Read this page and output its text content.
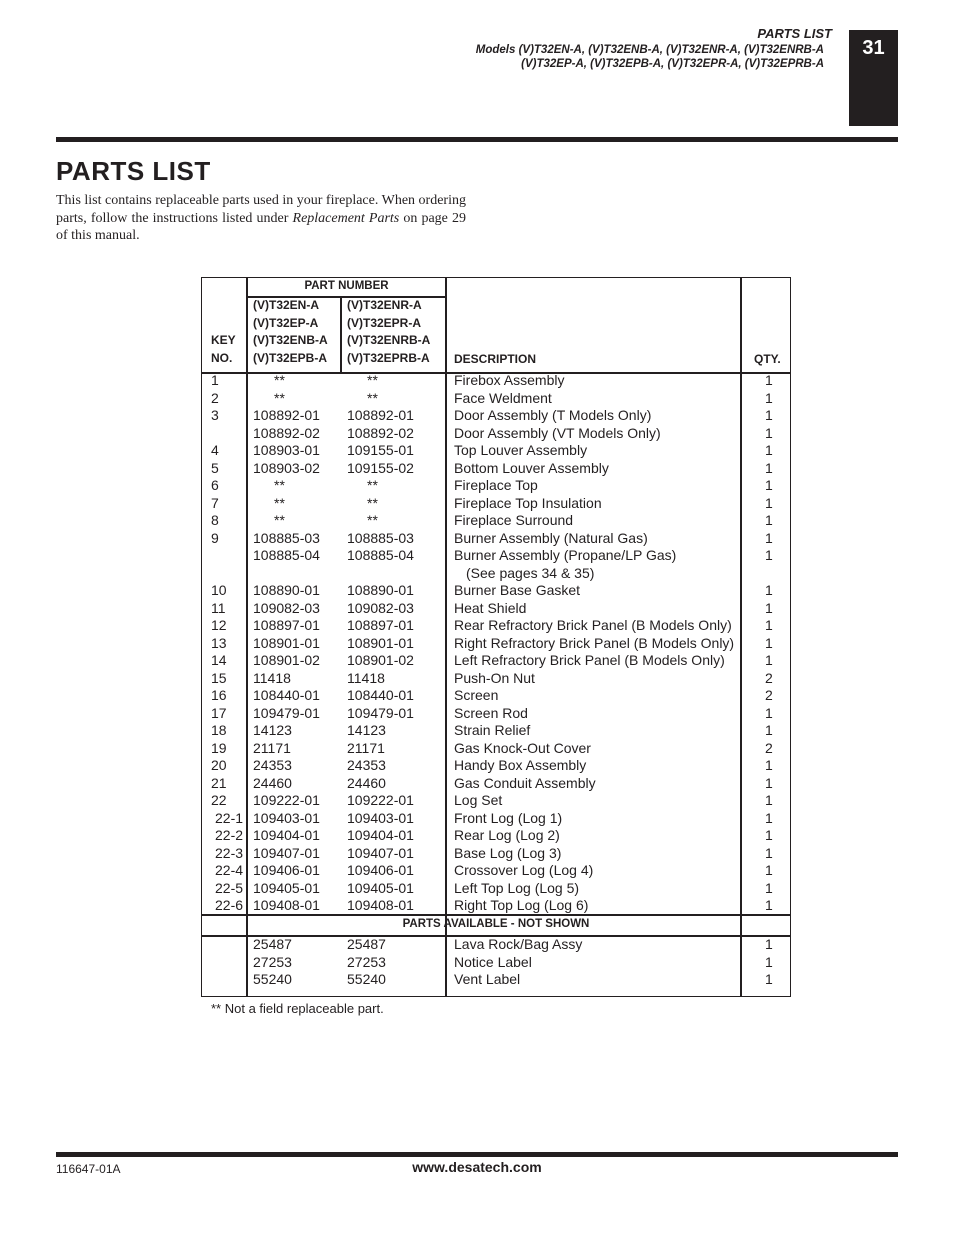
PARTS LIST
Models (V)T32EN-A, (V)T32ENB-A, (V)T32ENR-A, (V)T32ENRB-A
(V)T32EP-A, (V)T32EPB-A, (V)T32EPR-A, (V)T32EPRB-A
31
PARTS LIST
This list contains replaceable parts used in your fireplace. When ordering parts, follow the instructions listed under Replacement Parts on page 29 of this manual.
PART NUMBER
KEY
NO.
(V)T32EN-A
(V)T32EP-A
(V)T32ENB-A
(V)T32EPB-A
(V)T32ENR-A
(V)T32EPR-A
(V)T32ENRB-A
(V)T32EPRB-A DESCRIPTION	QTY.
1	**	**	Firebox Assembly	1
2	**	**	Face Weldment	1
3 108892-01 108892-01	Door Assembly (T Models Only)	1
108892-02 108892-02	Door Assembly (VT Models Only)	1
4 108903-01 109155-01	Top Louver Assembly	1
5 108903-02 109155-02	Bottom Louver Assembly	1
6	**	**	Fireplace Top	1
7	**	**	Fireplace Top Insulation	1
8	**	**	Fireplace Surround	1
9 108885-03 108885-03	Burner Assembly (Natural Gas)	1
108885-04 108885-04	Burner Assembly (Propane/LP Gas)	1
(See pages 34 & 35)
10 108890-01 108890-01	Burner Base Gasket	1
11 109082-03 109082-03	Heat Shield	1
12 108897-01 108897-01	Rear Refractory Brick Panel (B Models Only) 1
13 108901-01 108901-01	Right Refractory Brick Panel (B Models Only) 1
14 108901-02 108901-02	Left Refractory Brick Panel (B Models Only)	1
15 11418	11418	Push-On Nut	2
16 108440-01 108440-01	Screen	2
17 109479-01 109479-01	Screen Rod	1
18 14123	14123	Strain Relief	1
19 21171	21171	Gas Knock-Out Cover	2
20 24353	24353	Handy Box Assembly	1
21 24460	24460	Gas Conduit Assembly	1
22 109222-01 109222-01	Log Set	1
22-1 109403-01 109403-01	Front Log (Log 1)	1
22-2 109404-01 109404-01	Rear Log (Log 2)	1
22-3 109407-01 109407-01	Base Log (Log 3)	1
22-4 109406-01 109406-01	Crossover Log (Log 4)	1
22-5 109405-01 109405-01	Left Top Log (Log 5)	1
22-6 109408-01 109408-01	Right Top Log (Log 6)	1
PARTS AVAILABLE - NOT SHOWN
25487	25487	Lava Rock/Bag Assy	1
27253	27253	Notice Label	1
55240	55240	Vent Label	1
** Not a field replaceable part.
116647-01A	www.desatech.com
